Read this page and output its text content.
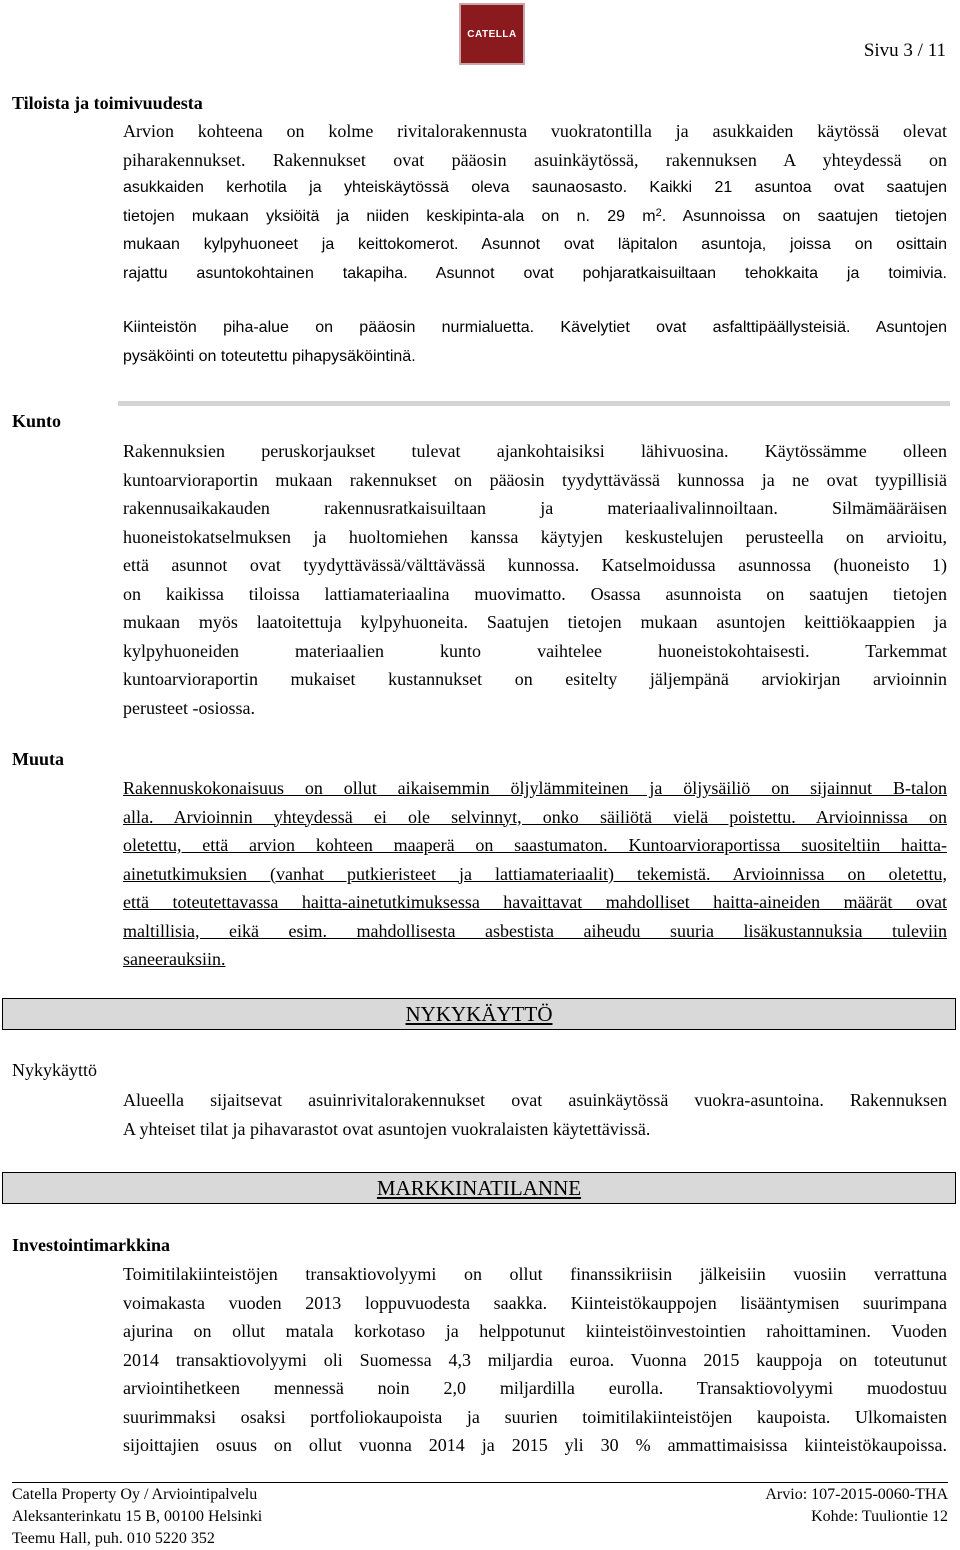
CATELLA
Sivu 3 / 11
Tiloista ja toimivuudesta
Arvion kohteena on kolme rivitalorakennusta vuokratontilla ja asukkaiden käytössä olevat
piharakennukset. Rakennukset ovat pääosin asuinkäytössä, rakennuksen A yhteydessä on
asukkaiden kerhotila ja yhteiskäytössä oleva saunaosasto. Kaikki 21 asuntoa ovat saatujen
tietojen mukaan yksiöitä ja niiden keskipinta-ala on n. 29 $m^2$. Asunnoissa on saatujen tietojen
mukaan kylpyhuoneet ja keittokomerot. Asunnot ovat läpitalon asuntoja, joissa on osittain
rajattu asuntokohtainen takapiha. Asunnot ovat pohjaratkaisuiltaan tehokkaita ja toimivia.
Kiinteistön piha-alue on pääosin nurmialuetta. Kävelytiet ovat asfalttipäällysteisiä. Asuntojen
pysäköinti on toteutettu pihapysäköintinä.
Kunto
Rakennuksien peruskorjaukset tulevat ajankohtaisiksi lähivuosina. Käytössämme olleen
kuntoarvioraportin mukaan rakennukset on pääosin tyydyttävässä kunnossa ja ne ovat tyypillisiä
rakennusaikakauden rakennusratkaisuiltaan ja materiaalivalinnoiltaan. Silmämääräisen
huoneistokatselmuksen ja huoltomiehen kanssa käytyjen keskustelujen perusteella on arvioitu,
että asunnot ovat tyydyttävässä/välttävässä kunnossa. Katselmoidussa asunnossa (huoneisto 1)
on kaikissa tiloissa lattiamateriaalina muovimatto. Osassa asunnoista on saatujen tietojen
mukaan myös laatoitettuja kylpyhuoneita. Saatujen tietojen mukaan asuntojen keittiökaappien ja
kylpyhuoneiden materiaalien kunto vaihtelee huoneistokohtaisesti. Tarkemmat
kuntoarvioraportin mukaiset kustannukset on esitelty jäljempänä arviokirjan arvioinnin
perusteet -osiossa.
Muuta
Rakennuskokonaisuus on ollut aikaisemmin öljylämmiteinen ja öljysäiliö on sijainnut B-talon
alla. Arvioinnin yhteydessä ei ole selvinnyt, onko säiliötä vielä poistettu. Arvioinnissa on
oletettu, että arvion kohteen maaperä on saastumaton. Kuntoarvioraportissa suositeltiin haitta-
ainetutkimuksien (vanhat putkieristeet ja lattiamateriaalit) tekemistä. Arvioinnissa on oletettu,
että toteutettavassa haitta-ainetutkimuksessa havaittavat mahdolliset haitta-aineiden määrät ovat
maltillisia, eikä esim. mahdollisesta asbestista aiheudu suuria lisäkustannuksia tuleviin
saneerauksiin.
NYKYKÄYTTÖ
Nykykäyttö
Alueella sijaitsevat asuinrivitalorakennukset ovat asuinkäytössä vuokra-asuntoina. Rakennuksen
A yhteiset tilat ja pihavarastot ovat asuntojen vuokralaisten käytettävissä.
MARKKINATILANNE
Investointimarkkina
Toimitilakiinteistöjen transaktiovolyymi on ollut finanssikriisin jälkeisiin vuosiin verrattuna
voimakasta vuoden 2013 loppuvuodesta saakka. Kiinteistökauppojen lisääntymisen suurimpana
ajurina on ollut matala korkotaso ja helppotunut kiinteistöinvestointien rahoittaminen. Vuoden
2014 transaktiovolyymi oli Suomessa 4,3 miljardia euroa. Vuonna 2015 kauppoja on toteutunut
arviointihetkeen mennessä noin 2,0 miljardilla eurolla. Transaktiovolyymi muodostuu
suurimmaksi osaksi portfoliokaupoista ja suurien toimitilakiinteistöjen kaupoista. Ulkomaisten
sijoittajien osuus on ollut vuonna 2014 ja 2015 yli 30 % ammattimaisissa kiinteistökaupoissa.
Catella Property Oy / Arviointipalvelu
Aleksanterinkatu 15 B, 00100 Helsinki
Teemu Hall, puh. 010 5220 352
Arvio: 107-2015-0060-THA
Kohde: Tuuliontie 12
